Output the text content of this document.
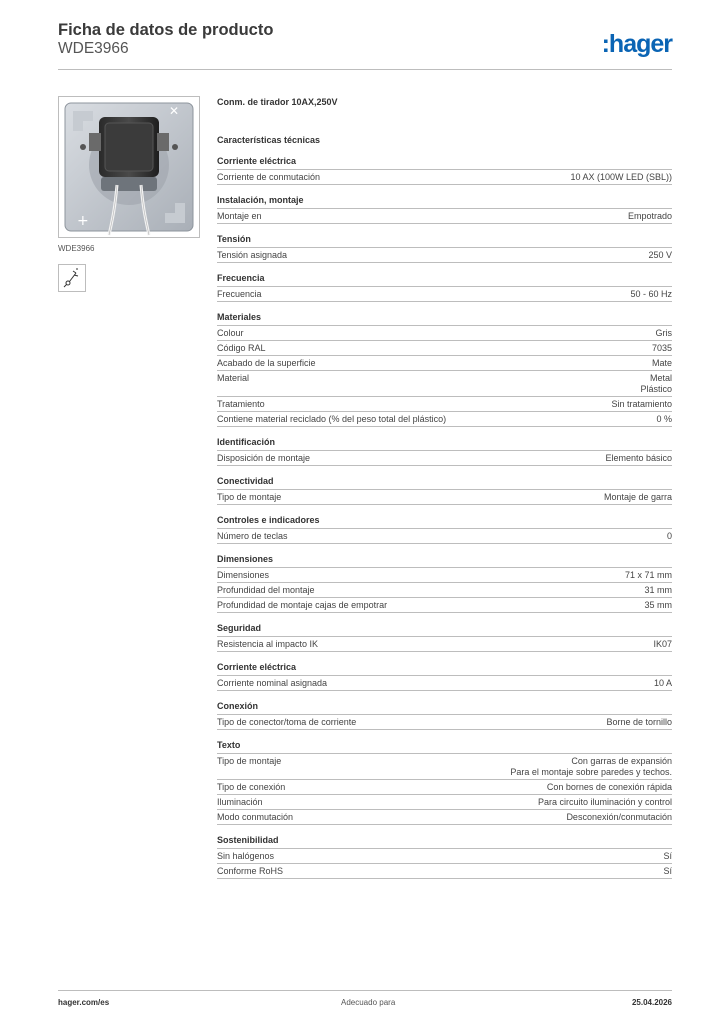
Ficha de datos de producto
WDE3966	:hager
✕
+
WDE3966
Conm. de tirador 10AX,250V
Características técnicas
Corriente eléctrica
Corriente de conmutación	10 AX (100W LED (SBL))
Instalación, montaje
Montaje en	Empotrado
Tensión
Tensión asignada	250 V
Frecuencia
Frecuencia	50 - 60 Hz
Materiales
Colour	Gris
Código RAL	7035
Acabado de la superficie	Mate
Material	Metal
Plástico
Tratamiento	Sin tratamiento
Contiene material reciclado (% del peso total del plástico)	0 %
Identificación
Disposición de montaje	Elemento básico
Conectividad
Tipo de montaje	Montaje de garra
Controles e indicadores
Número de teclas	0
Dimensiones
Dimensiones	71 x 71 mm
Profundidad del montaje	31 mm
Profundidad de montaje cajas de empotrar	35 mm
Seguridad
Resistencia al impacto IK	IK07
Corriente eléctrica
Corriente nominal asignada	10 A
Conexión
Tipo de conector/toma de corriente	Borne de tornillo
Texto
Tipo de montaje	Con garras de expansión
Para el montaje sobre paredes y techos.
Tipo de conexión	Con bornes de conexión rápida
Iluminación	Para circuito iluminación y control
Modo conmutación	Desconexión/conmutación
Sostenibilidad
Sin halógenos	Sí
Conforme RoHS	Sí
hager.com/es	Adecuado para	25.04.2026
